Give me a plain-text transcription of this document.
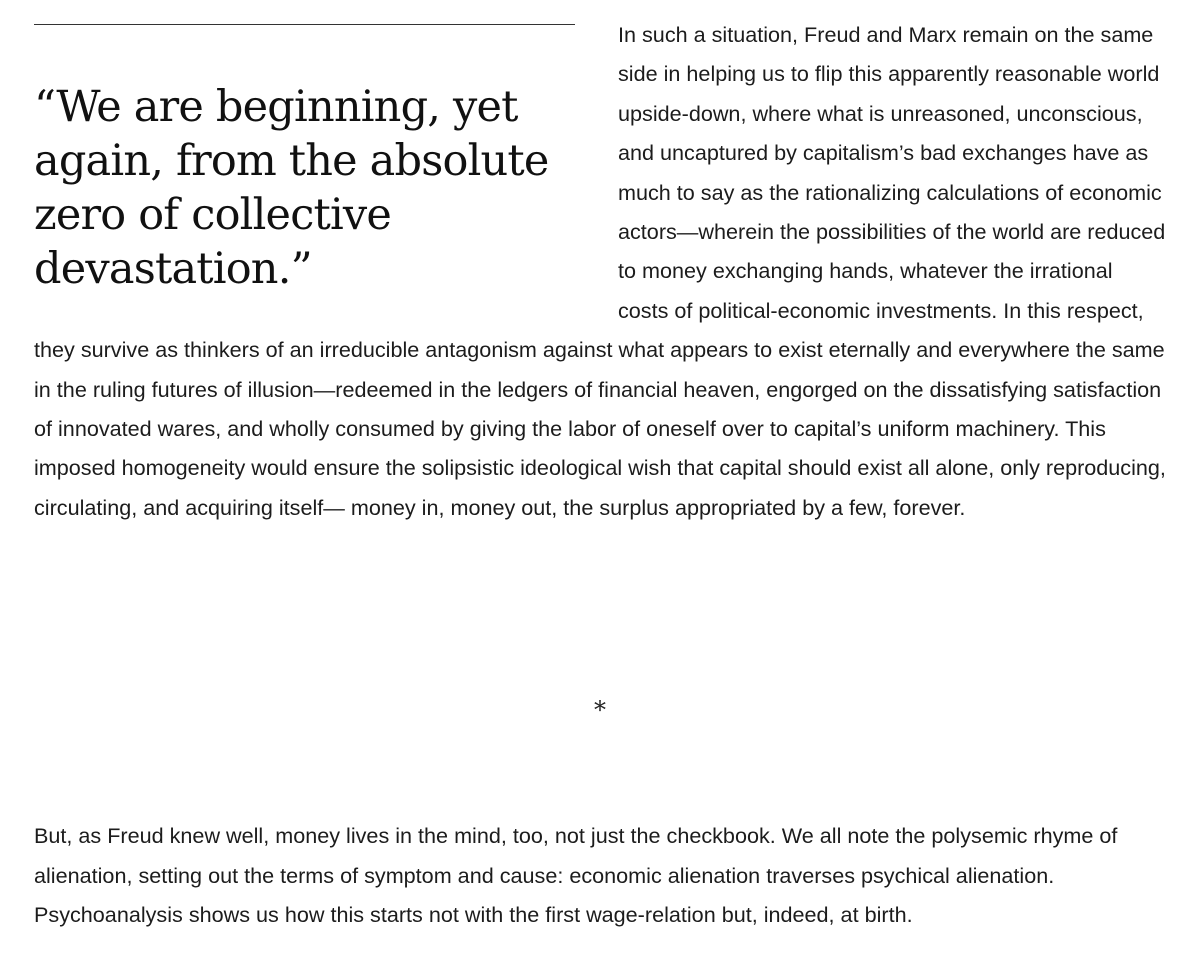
“We are beginning, yet again, from the absolute zero of collective devastation.”

In such a situation, Freud and Marx remain on the same side in helping us to flip this apparently reasonable world upside-down, where what is unreasoned, unconscious, and uncaptured by capitalism’s bad exchanges have as much to say as the rationalizing calculations of economic actors—wherein the possibilities of the world are reduced to money exchanging hands, whatever the irrational costs of political-economic investments. In this respect, they survive as thinkers of an irreducible antagonism against what appears to exist eternally and everywhere the same in the ruling futures of illusion—redeemed in the ledgers of financial heaven, engorged on the dissatisfying satisfaction of innovated wares, and wholly consumed by giving the labor of oneself over to capital’s uniform machinery. This imposed homogeneity would ensure the solipsistic ideological wish that capital should exist all alone, only reproducing, circulating, and acquiring itself— money in, money out, the surplus appropriated by a few, forever.

*

But, as Freud knew well, money lives in the mind, too, not just the checkbook. We all note the polysemic rhyme of alienation, setting out the terms of symptom and cause: economic alienation traverses psychical alienation. Psychoanalysis shows us how this starts not with the first wage-relation but, indeed, at birth.
